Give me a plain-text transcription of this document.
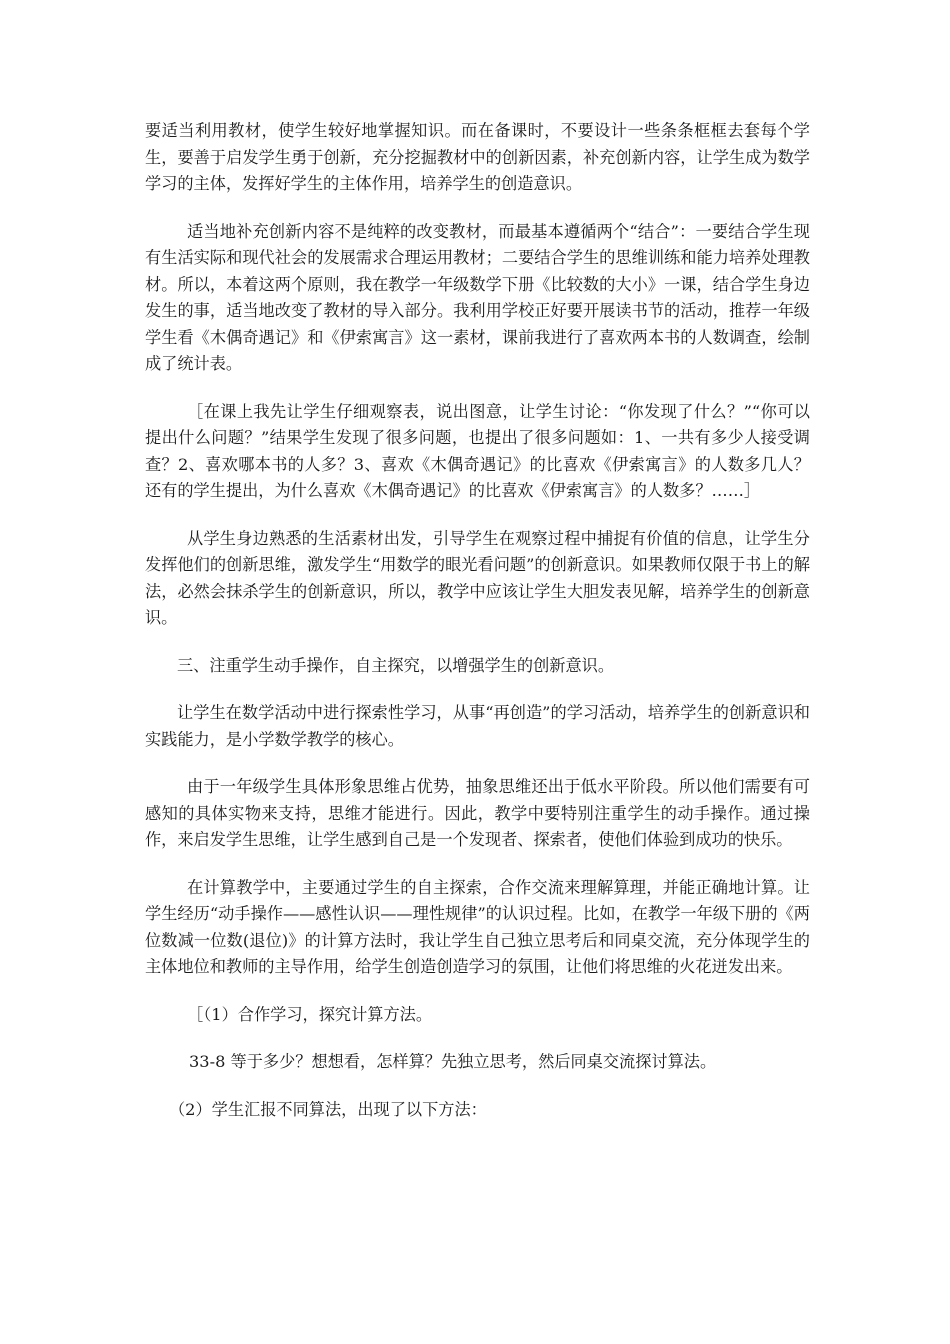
要适当利用教材，使学生较好地掌握知识。而在备课时，不要设计一些条条框框去套每个学生，要善于启发学生勇于创新，充分挖掘教材中的创新因素，补充创新内容，让学生成为数学学习的主体，发挥好学生的主体作用，培养学生的创造意识。

适当地补充创新内容不是纯粹的改变教材，而最基本遵循两个“结合”：一要结合学生现有生活实际和现代社会的发展需求合理运用教材；二要结合学生的思维训练和能力培养处理教材。所以，本着这两个原则，我在教学一年级数学下册《比较数的大小》一课，结合学生身边发生的事，适当地改变了教材的导入部分。我利用学校正好要开展读书节的活动，推荐一年级学生看《木偶奇遇记》和《伊索寓言》这一素材，课前我进行了喜欢两本书的人数调查，绘制成了统计表。

［在课上我先让学生仔细观察表，说出图意，让学生讨论：“你发现了什么？”“你可以提出什么问题？”结果学生发现了很多问题，也提出了很多问题如：1、一共有多少人接受调查？2、喜欢哪本书的人多？3、喜欢《木偶奇遇记》的比喜欢《伊索寓言》的人数多几人？还有的学生提出，为什么喜欢《木偶奇遇记》的比喜欢《伊索寓言》的人数多？……］

从学生身边熟悉的生活素材出发，引导学生在观察过程中捕捉有价值的信息，让学生分发挥他们的创新思维，激发学生“用数学的眼光看问题”的创新意识。如果教师仅限于书上的解法，必然会抹杀学生的创新意识，所以，教学中应该让学生大胆发表见解，培养学生的创新意识。

三、注重学生动手操作，自主探究，以增强学生的创新意识。

让学生在数学活动中进行探索性学习，从事“再创造”的学习活动，培养学生的创新意识和实践能力，是小学数学教学的核心。

由于一年级学生具体形象思维占优势，抽象思维还出于低水平阶段。所以他们需要有可感知的具体实物来支持，思维才能进行。因此，教学中要特别注重学生的动手操作。通过操作，来启发学生思维，让学生感到自己是一个发现者、探索者，使他们体验到成功的快乐。

在计算教学中，主要通过学生的自主探索，合作交流来理解算理，并能正确地计算。让学生经历“动手操作——感性认识——理性规律”的认识过程。比如，在教学一年级下册的《两位数减一位数(退位)》的计算方法时，我让学生自己独立思考后和同桌交流，充分体现学生的主体地位和教师的主导作用，给学生创造创造学习的氛围，让他们将思维的火花迸发出来。

［（1）合作学习，探究计算方法。

33-8 等于多少？想想看，怎样算？先独立思考，然后同桌交流探讨算法。

（2）学生汇报不同算法，出现了以下方法：
